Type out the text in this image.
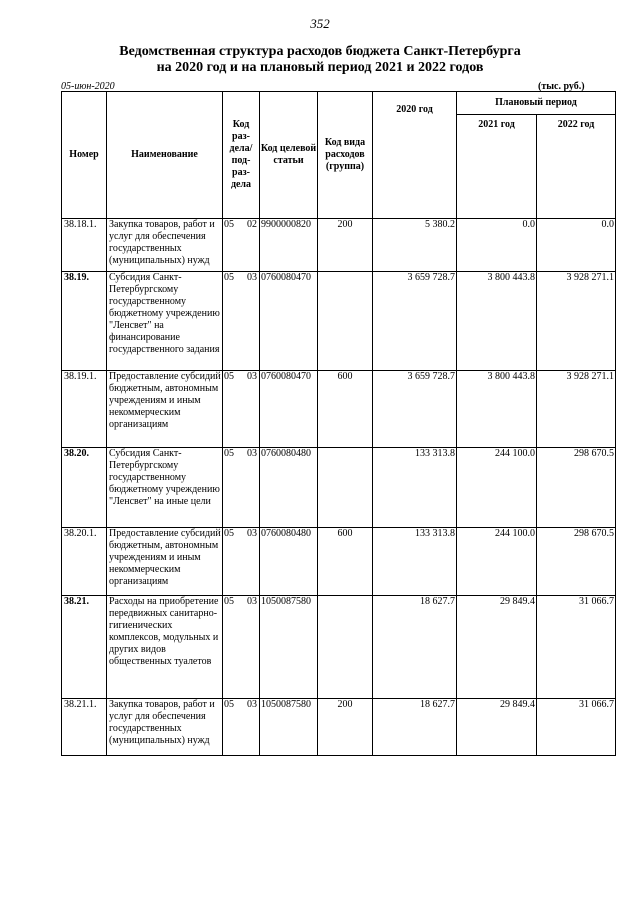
352
Ведомственная структура расходов бюджета Санкт-Петербурга
на 2020 год и на плановый период 2021 и 2022 годов
05-июн-2020	(тыс. руб.)
Номер	Наименование	Код раз- дела/ под- раз- дела	Код целевой статьи	Код вида расходов (группа)	2020 год	Плановый период	
						2021 год	2022 год
38.18.1.	Закупка товаров, работ и услуг для обеспечения государственных (муниципальных) нужд	05 02	9900000820	200	5 380.2	0.0	0.0
38.19.	Субсидия Санкт-Петербургскому государственному бюджетному учреждению "Ленсвет" на финансирование государственного задания	05 03	0760080470		3 659 728.7	3 800 443.8	3 928 271.1
38.19.1.	Предоставление субсидий бюджетным, автономным учреждениям и иным некоммерческим организациям	05 03	0760080470	600	3 659 728.7	3 800 443.8	3 928 271.1
38.20.	Субсидия Санкт-Петербургскому государственному бюджетному учреждению "Ленсвет" на иные цели	05 03	0760080480		133 313.8	244 100.0	298 670.5
38.20.1.	Предоставление субсидий бюджетным, автономным учреждениям и иным некоммерческим организациям	05 03	0760080480	600	133 313.8	244 100.0	298 670.5
38.21.	Расходы на приобретение передвижных санитарно-гигиенических комплексов, модульных и других видов общественных туалетов	05 03	1050087580		18 627.7	29 849.4	31 066.7
38.21.1.	Закупка товаров, работ и услуг для обеспечения государственных (муниципальных) нужд	05 03	1050087580	200	18 627.7	29 849.4	31 066.7
